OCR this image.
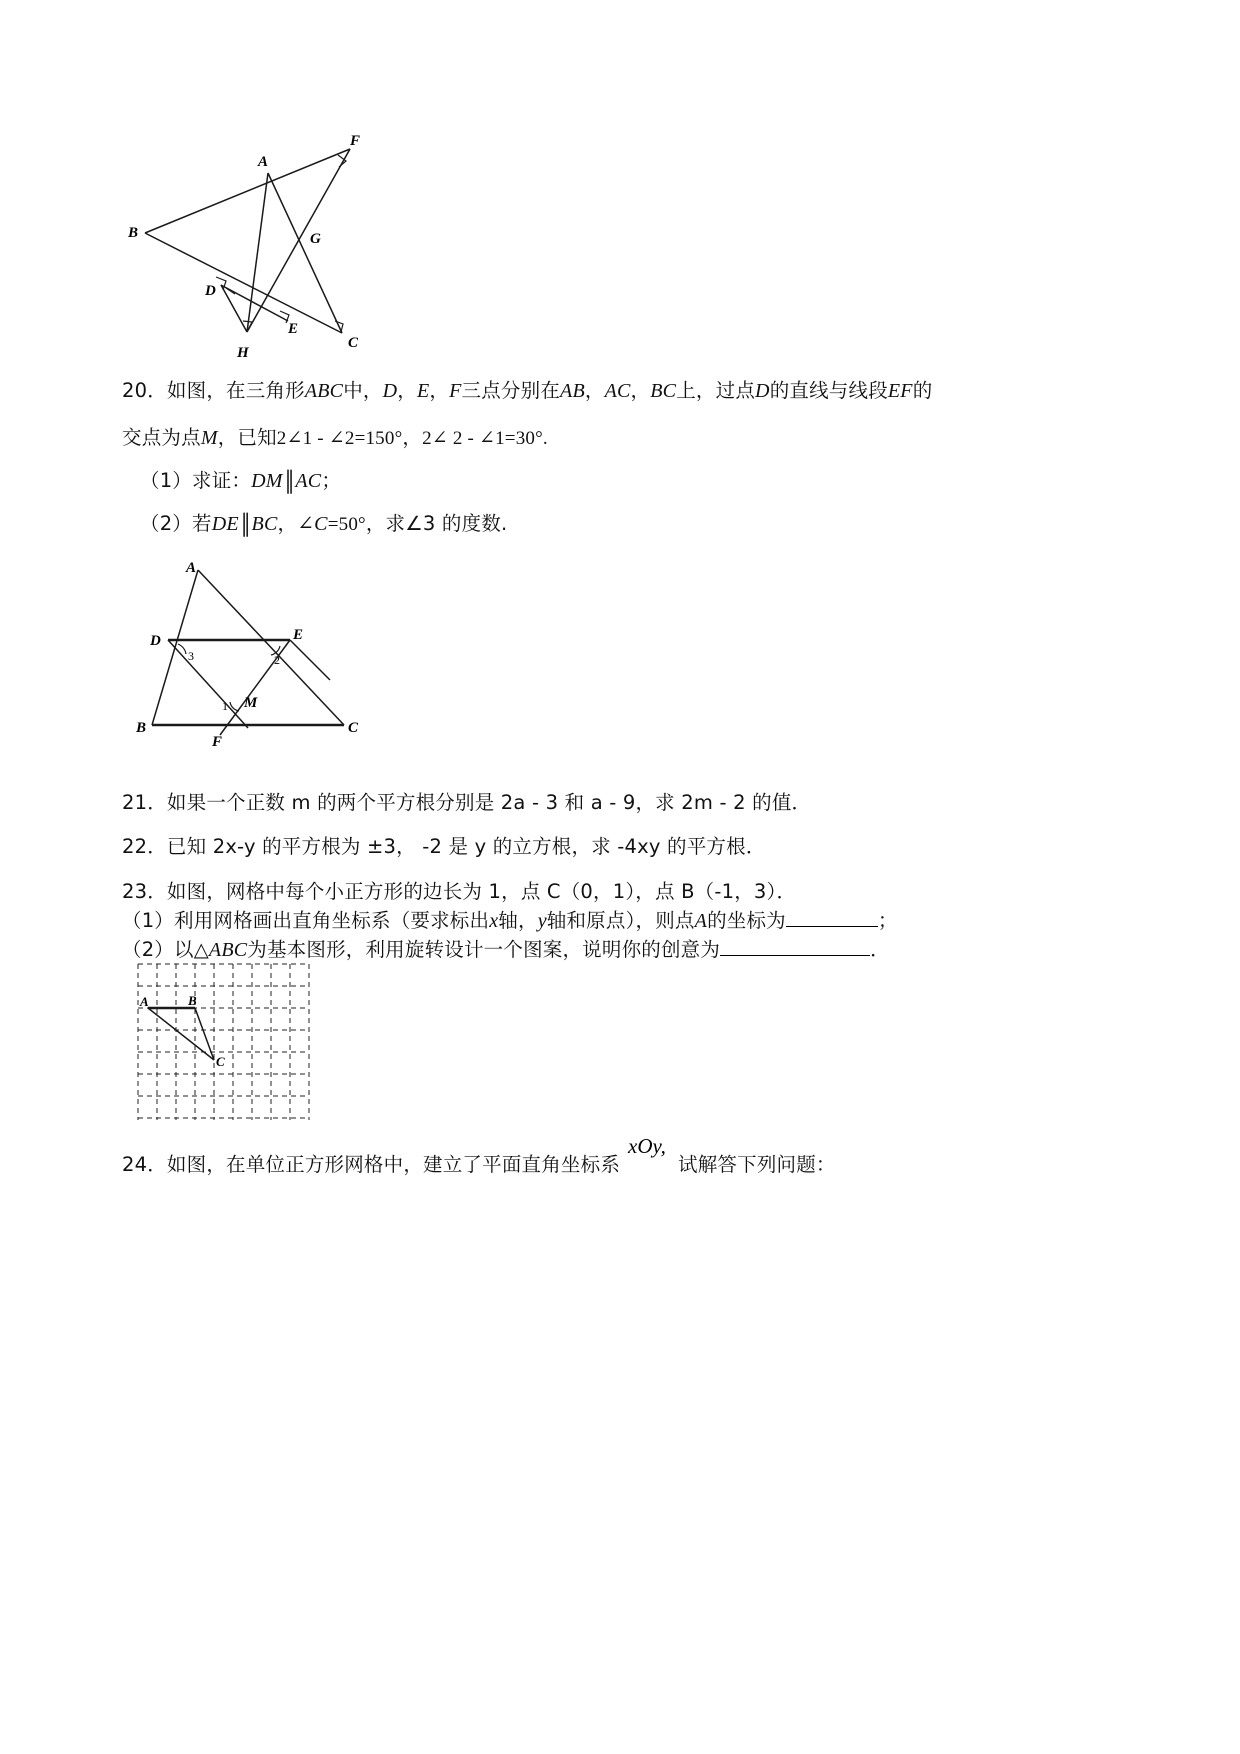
A
B
C
D
E
F
G
H
20．如图，在三角形ABC中，D，E，F三点分别在AB，AC，BC上，过点D的直线与线段EF的
交点为点M，已知2∠1 - ∠2=150°，2∠ 2 - ∠1=30°.
（1）求证：DM ∥ AC；
（2）若DE ∥ BC，∠C=50°，求∠3 的度数.
A
B	C
D	E
M
F
3	2
1
21．如果一个正数 m 的两个平方根分别是 2a - 3 和 a - 9，求 2m - 2 的值．
22．已知 2x-y 的平方根为 ±3， -2 是 y 的立方根，求 -4xy 的平方根．
23．如图，网格中每个小正方形的边长为 1，点 C（0，1），点 B（-1，3）．
（1）利用网格画出直角坐标系（要求标出x轴，y轴和原点），则点A的坐标为	；
（2）以△ABC为基本图形，利用旋转设计一个图案，说明你的创意为	．
A	B
C
24．如图，在单位正方形网格中，建立了平面直角坐标系	试解答下列问题：
xOy,
